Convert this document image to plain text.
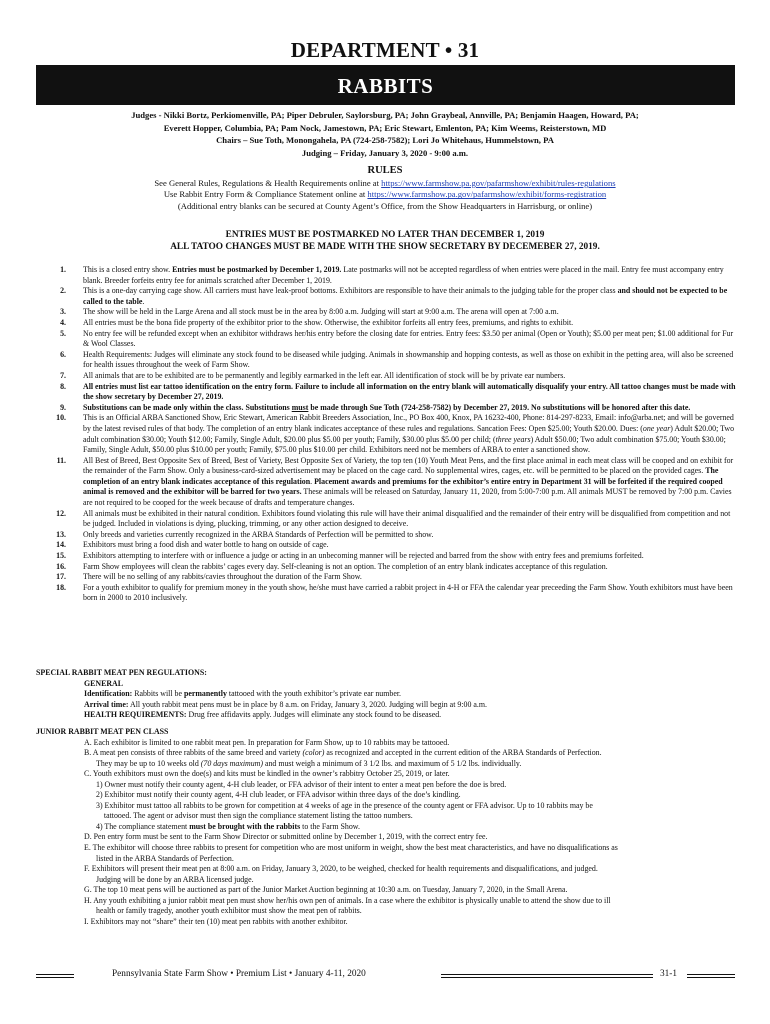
DEPARTMENT • 31
RABBITS
Judges - Nikki Bortz, Perkiomenville, PA; Piper Debruler, Saylorsburg, PA; John Graybeal, Annville, PA; Benjamin Haagen, Howard, PA;
Everett Hopper, Columbia, PA; Pam Nock, Jamestown, PA; Eric Stewart, Emlenton, PA; Kim Weems, Reisterstown, MD
Chairs – Sue Toth, Monongahela, PA (724-258-7582); Lori Jo Whitehaus, Hummelstown, PA
Judging – Friday, January 3, 2020 - 9:00 a.m.
RULES
See General Rules, Regulations & Health Requirements online at https://www.farmshow.pa.gov/pafarmshow/exhibit/rules-regulations
Use Rabbit Entry Form & Compliance Statement online at https://www.farmshow.pa.gov/pafarmshow/exhibit/forms-registration
(Additional entry blanks can be secured at County Agent’s Office, from the Show Headquarters in Harrisburg, or online)
ENTRIES MUST BE POSTMARKED NO LATER THAN DECEMBER 1, 2019
ALL TATOO CHANGES MUST BE MADE WITH THE SHOW SECRETARY BY DECEMEBER 27, 2019.
1. This is a closed entry show. Entries must be postmarked by December 1, 2019. Late postmarks will not be accepted regardless of when entries were placed in the mail. Entry fee must accompany entry blank. Breeder forfeits entry fee for animals scratched after December 1, 2019.
2. This is a one-day carrying cage show. All carriers must have leak-proof bottoms. Exhibitors are responsible to have their animals to the judging table for the proper class and should not be expected to be called to the table.
3. The show will be held in the Large Arena and all stock must be in the area by 8:00 a.m. Judging will start at 9:00 a.m. The arena will open at 7:00 a.m.
4. All entries must be the bona fide property of the exhibitor prior to the show. Otherwise, the exhibitor forfeits all entry fees, premiums, and rights to exhibit.
5. No entry fee will be refunded except when an exhibitor withdraws her/his entry before the closing date for entries. Entry fees: $3.50 per animal (Open or Youth); $5.00 per meat pen; $1.00 additional for Fur & Wool Classes.
6. Health Requirements: Judges will eliminate any stock found to be diseased while judging. Animals in showmanship and hopping contests, as well as those on exhibit in the petting area, will also be screened for health issues throughout the week of Farm Show.
7. All animals that are to be exhibited are to be permanently and legibly earmarked in the left ear. All identification of stock will be by private ear numbers.
8. All entries must list ear tattoo identification on the entry form. Failure to include all information on the entry blank will automatically disqualify your entry. All tattoo changes must be made with the show secretary by December 27, 2019.
9. Substitutions can be made only within the class. Substitutions must be made through Sue Toth (724-258-7582) by December 27, 2019. No substitutions will be honored after this date.
10. This is an Official ARBA Sanctioned Show, Eric Stewart, American Rabbit Breeders Association, Inc., PO Box 400, Knox, PA 16232-400, Phone: 814-297-8233, Email: info@arba.net; and will be governed by the latest revised rules of that body. The completion of an entry blank indicates acceptance of these rules and regulations. Sancation Fees: Open $25.00; Youth $20.00. Dues: (one year) Adult $20.00; Two adult combination $30.00; Youth $12.00; Family, Single Adult, $20.00 plus $5.00 per youth; Family, $30.00 plus $5.00 per child; (three years) Adult $50.00; Two adult combination $75.00; Youth $30.00; Family, Single Adult, $50.00 plus $10.00 per youth; Family, $75.00 plus $10.00 per child. Exhibitors need not be members of ARBA to enter a sanctioned show.
11. All Best of Breed, Best Opposite Sex of Breed, Best of Variety, Best Opposite Sex of Variety, the top ten (10) Youth Meat Pens, and the first place animal in each meat class will be cooped and on exhibit for the remainder of the Farm Show. Only a business-card-sized advertisement may be placed on the cage card. No supplemental wires, cages, etc. will be permitted to be placed on the provided cages. The completion of an entry blank indicates acceptance of this regulation. Placement awards and premiums for the exhibitor’s entire entry in Department 31 will be forfeited if the required cooped animal is removed and the exhibitor will be barred for two years. These animals will be released on Saturday, January 11, 2020, from 5:00-7:00 p.m. All animals MUST be removed by 7:00 p.m. Cavies are not required to be cooped for the week because of drafts and temperature changes.
12. All animals must be exhibited in their natural condition. Exhibitors found violating this rule will have their animal disqualified and the remainder of their entry will be disqualified from competition and not be judged. Included in violations is dying, plucking, trimming, or any other action designed to deceive.
13. Only breeds and varieties currently recognized in the ARBA Standards of Perfection will be permitted to show.
14. Exhibitors must bring a food dish and water bottle to hang on outside of cage.
15. Exhibitors attempting to interfere with or influence a judge or acting in an unbecoming manner will be rejected and barred from the show with entry fees and premiums forfeited.
16. Farm Show employees will clean the rabbits’ cages every day. Self-cleaning is not an option. The completion of an entry blank indicates acceptance of this regulation.
17. There will be no selling of any rabbits/cavies throughout the duration of the Farm Show.
18. For a youth exhibitor to qualify for premium money in the youth show, he/she must have carried a rabbit project in 4-H or FFA the calendar year preceeding the Farm Show. Youth exhibitors must have been born in 2000 to 2010 inclusively.
SPECIAL RABBIT MEAT PEN REGULATIONS:
GENERAL
Identification: Rabbits will be permanently tattooed with the youth exhibitor’s private ear number.
Arrival time: All youth rabbit meat pens must be in place by 8 a.m. on Friday, January 3, 2020. Judging will begin at 9:00 a.m.
HEALTH REQUIREMENTS: Drug free affidavits apply. Judges will eliminate any stock found to be diseased.
JUNIOR RABBIT MEAT PEN CLASS
A. Each exhibitor is limited to one rabbit meat pen. In preparation for Farm Show, up to 10 rabbits may be tattooed.
B. A meat pen consists of three rabbits of the same breed and variety (color) as recognized and accepted in the current edition of the ARBA Standards of Perfection.
They may be up to 10 weeks old (70 days maximum) and must weigh a minimum of 3 1/2 lbs. and maximum of 5 1/2 lbs. individually.
C. Youth exhibitors must own the doe(s) and kits must be kindled in the owner’s rabbitry October 25, 2019, or later.
1) Owner must notify their county agent, 4-H club leader, or FFA advisor of their intent to enter a meat pen before the doe is bred.
2) Exhibitor must notify their county agent, 4-H club leader, or FFA advisor within three days of the doe’s kindling.
3) Exhibitor must tattoo all rabbits to be grown for competition at 4 weeks of age in the presence of the county agent or FFA advisor. Up to 10 rabbits may be
tattooed. The agent or advisor must then sign the compliance statement listing the tattoo numbers.
4) The compliance statement must be brought with the rabbits to the Farm Show.
D. Pen entry form must be sent to the Farm Show Director or submitted online by December 1, 2019, with the correct entry fee.
E. The exhibitor will choose three rabbits to present for competition who are most uniform in weight, show the best meat characteristics, and have no disqualifications as
listed in the ARBA Standards of Perfection.
F. Exhibitors will present their meat pen at 8:00 a.m. on Friday, January 3, 2020, to be weighed, checked for health requirements and disqualifications, and judged.
Judging will be done by an ARBA licensed judge.
G. The top 10 meat pens will be auctioned as part of the Junior Market Auction beginning at 10:30 a.m. on Tuesday, January 7, 2020, in the Small Arena.
H. Any youth exhibiting a junior rabbit meat pen must show her/his own pen of animals. In a case where the exhibitor is physically unable to attend the show due to ill
health or family tragedy, another youth exhibitor must show the meat pen of rabbits.
I. Exhibitors may not “share” their ten (10) meat pen rabbits with another exhibitor.
Pennsylvania State Farm Show • Premium List • January 4-11, 2020	31-1
